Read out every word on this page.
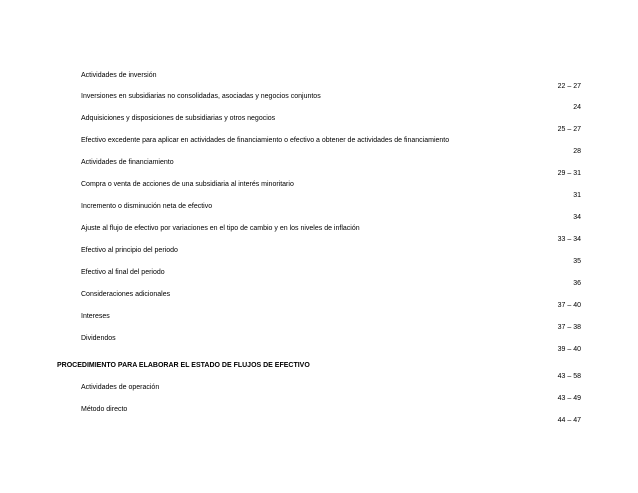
Actividades de inversión
22 – 27
Inversiones en subsidiarias no consolidadas, asociadas y negocios conjuntos
24
Adquisiciones y disposiciones de subsidiarias y otros negocios
25 – 27
Efectivo excedente para aplicar en actividades de financiamiento o efectivo a obtener de actividades de financiamiento
28
Actividades de financiamiento
29 – 31
Compra o venta de acciones de una subsidiaria al interés minoritario
31
Incremento o disminución neta de efectivo
34
Ajuste al flujo de efectivo por variaciones en el tipo de cambio y en los niveles de inflación
33 – 34
Efectivo al principio del periodo
35
Efectivo al final del periodo
36
Consideraciones adicionales
37 – 40
Intereses
37 – 38
Dividendos
39 – 40
PROCEDIMIENTO PARA ELABORAR EL ESTADO DE FLUJOS DE EFECTIVO
43 – 58
Actividades de operación
43 – 49
Método directo
44 – 47
